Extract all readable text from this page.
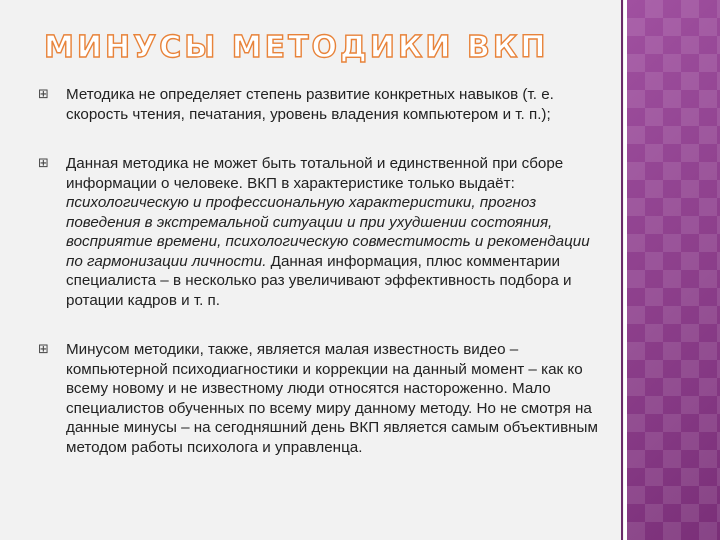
МИНУСЫ МЕТОДИКИ ВКП
⊞ Методика не определяет степень развитие конкретных навыков (т. е. скорость чтения, печатания, уровень владения компьютером и т. п.);
⊞ Данная методика не может быть тотальной и единственной при сборе информации о человеке. ВКП в характеристике только выдаёт: психологическую и профессиональную характеристики, прогноз поведения в экстремальной ситуации и при ухудшении состояния, восприятие времени, психологическую совместимость и рекомендации по гармонизации личности. Данная информация, плюс комментарии специалиста – в несколько раз увеличивают эффективность подбора и ротации кадров и т. п.
⊞ Минусом методики, также, является малая известность видео – компьютерной психодиагностики и коррекции на данный момент – как ко всему новому и не известному люди относятся настороженно. Мало специалистов обученных по всему миру данному методу. Но не смотря на данные минусы – на сегодняшний день ВКП является самым объективным методом работы психолога и управленца.
